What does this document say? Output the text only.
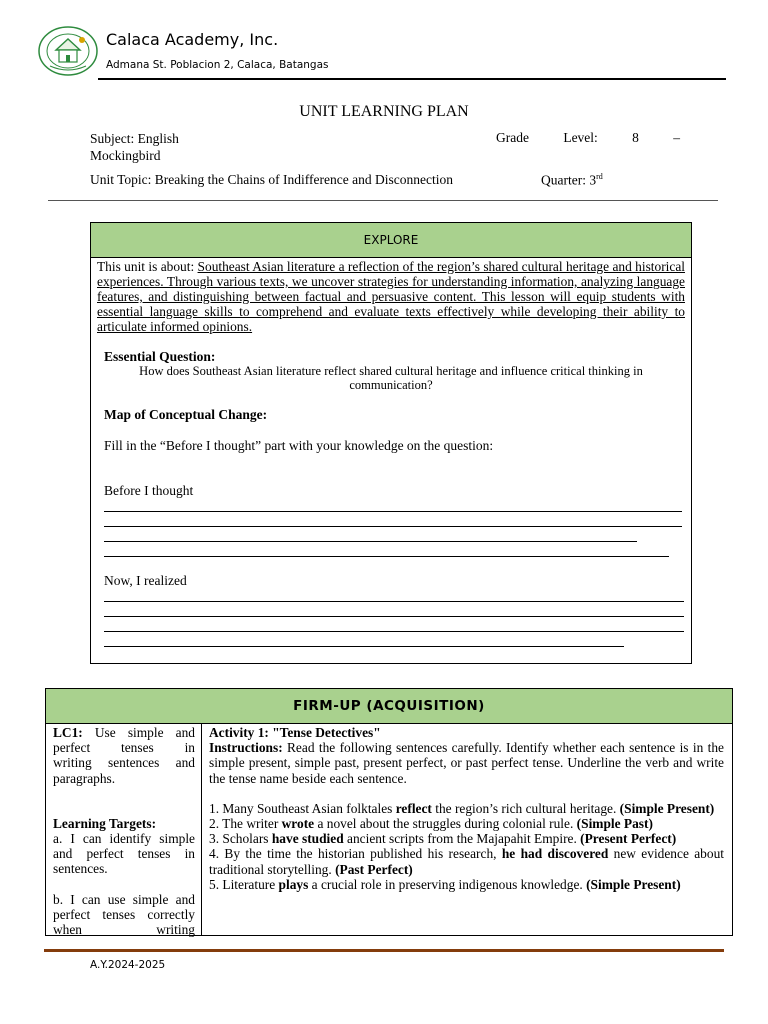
Calaca Academy, Inc.
Admana St. Poblacion 2, Calaca, Batangas
UNIT LEARNING PLAN
Subject: English
Mockingbird
Grade Level: 8 –
Unit Topic: Breaking the Chains of Indifference and Disconnection	Quarter: 3rd
EXPLORE
This unit is about: Southeast Asian literature a reflection of the region’s shared cultural heritage and historical experiences. Through various texts, we uncover strategies for understanding information, analyzing language features, and distinguishing between factual and persuasive content. This lesson will equip students with essential language skills to comprehend and evaluate texts effectively while developing their ability to articulate informed opinions.
Essential Question:
How does Southeast Asian literature reflect shared cultural heritage and influence critical thinking in communication?
Map of Conceptual Change:
Fill in the “Before I thought” part with your knowledge on the question:
Before I thought
Now, I realized
FIRM-UP (ACQUISITION)
LC1: Use simple and
perfect tenses in
writing sentences and
paragraphs.
Learning Targets:
a. I can identify simple
and perfect tenses in
sentences.
b. I can use simple and
perfect tenses correctly
when writing

Activity 1: "Tense Detectives"

Instructions: Read the following sentences carefully. Identify whether each sentence is in the simple present, simple past, present perfect, or past perfect tense. Underline the verb and write the tense name beside each sentence.

1. Many Southeast Asian folktales reflect the region’s rich cultural heritage. (Simple Present)

2. The writer wrote a novel about the struggles during colonial rule. (Simple Past)

3. Scholars have studied ancient scripts from the Majapahit Empire. (Present Perfect)

4. By the time the historian published his research, he had discovered new evidence about traditional storytelling. (Past Perfect)

5. Literature plays a crucial role in preserving indigenous knowledge. (Simple Present)

A.Y.2024-2025
